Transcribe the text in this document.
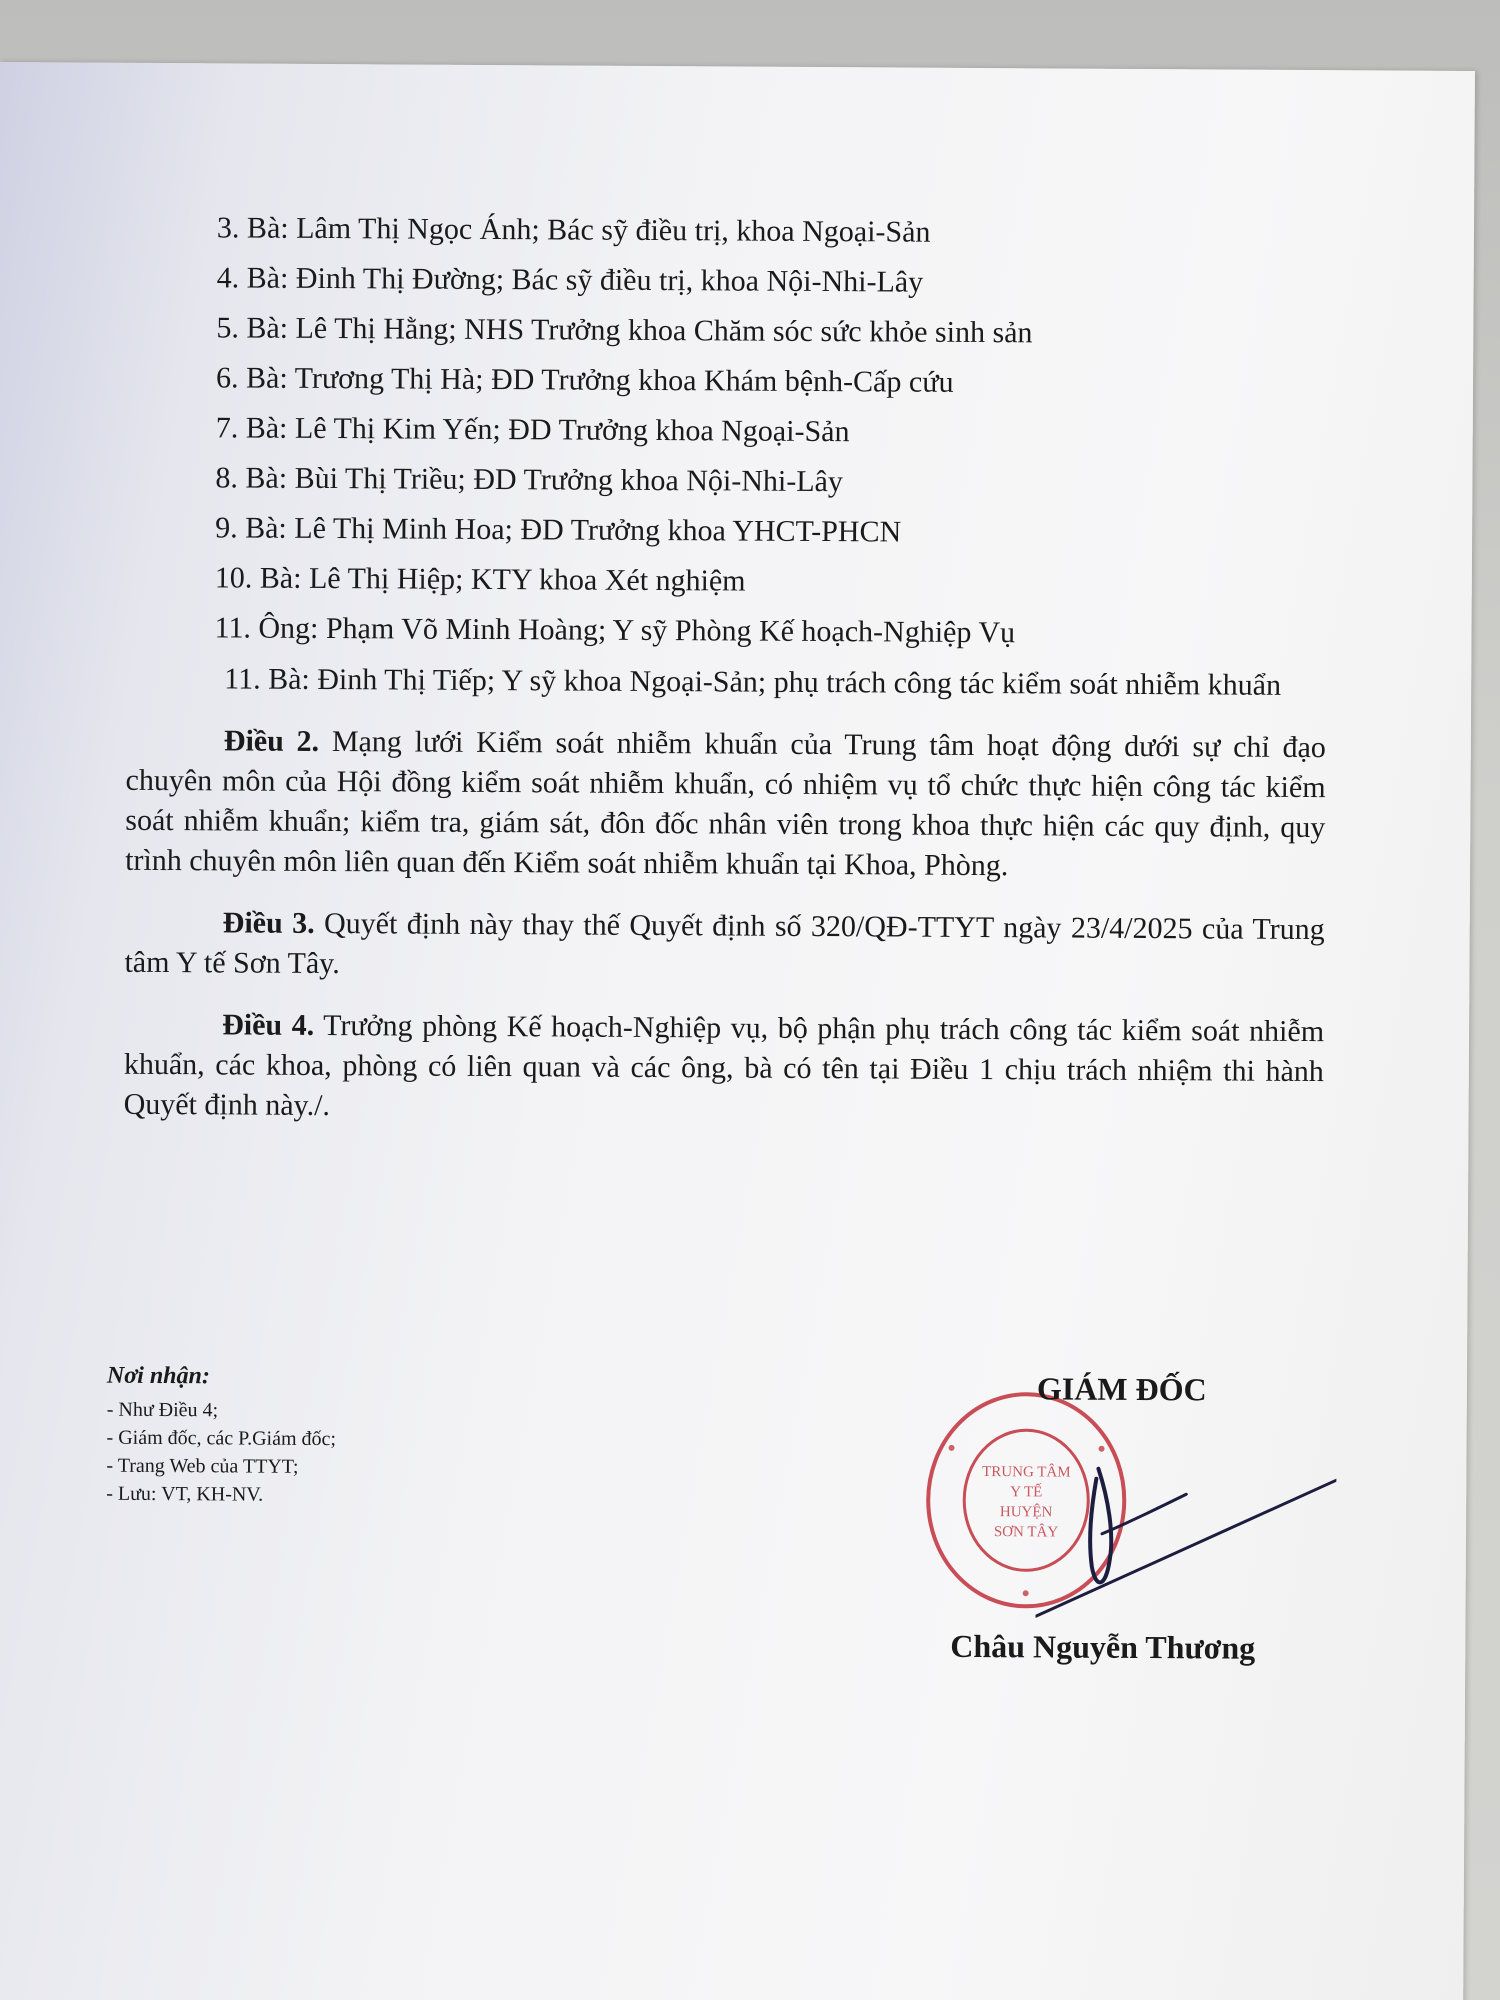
3. Bà: Lâm Thị Ngọc Ánh; Bác sỹ điều trị, khoa Ngoại-Sản
4. Bà: Đinh Thị Đường; Bác sỹ điều trị, khoa Nội-Nhi-Lây
5. Bà: Lê Thị Hằng; NHS Trưởng khoa Chăm sóc sức khỏe sinh sản
6. Bà: Trương Thị Hà; ĐD Trưởng khoa Khám bệnh-Cấp cứu
7. Bà: Lê Thị Kim Yến; ĐD Trưởng khoa Ngoại-Sản
8. Bà: Bùi Thị Triều; ĐD Trưởng khoa Nội-Nhi-Lây
9. Bà: Lê Thị Minh Hoa; ĐD Trưởng khoa YHCT-PHCN
10. Bà: Lê Thị Hiệp; KTY khoa Xét nghiệm
11. Ông: Phạm Võ Minh Hoàng; Y sỹ Phòng Kế hoạch-Nghiệp Vụ
11. Bà: Đinh Thị Tiếp; Y sỹ khoa Ngoại-Sản; phụ trách công tác kiểm soát nhiễm khuẩn
Điều 2. Mạng lưới Kiểm soát nhiễm khuẩn của Trung tâm hoạt động dưới sự chỉ đạo chuyên môn của Hội đồng kiểm soát nhiễm khuẩn, có nhiệm vụ tổ chức thực hiện công tác kiểm soát nhiễm khuẩn; kiểm tra, giám sát, đôn đốc nhân viên trong khoa thực hiện các quy định, quy trình chuyên môn liên quan đến Kiểm soát nhiễm khuẩn tại Khoa, Phòng.
Điều 3. Quyết định này thay thế Quyết định số 320/QĐ-TTYT ngày 23/4/2025 của Trung tâm Y tế Sơn Tây.
Điều 4. Trưởng phòng Kế hoạch-Nghiệp vụ, bộ phận phụ trách công tác kiểm soát nhiễm khuẩn, các khoa, phòng có liên quan và các ông, bà có tên tại Điều 1 chịu trách nhiệm thi hành Quyết định này./.
Nơi nhận:
- Như Điều 4;
- Giám đốc, các P.Giám đốc;
- Trang Web của TTYT;
- Lưu: VT, KH-NV.
TRUNG TÂM
Y TẾ
HUYỆN
SƠN TÂY
GIÁM ĐỐC
Châu Nguyễn Thương
